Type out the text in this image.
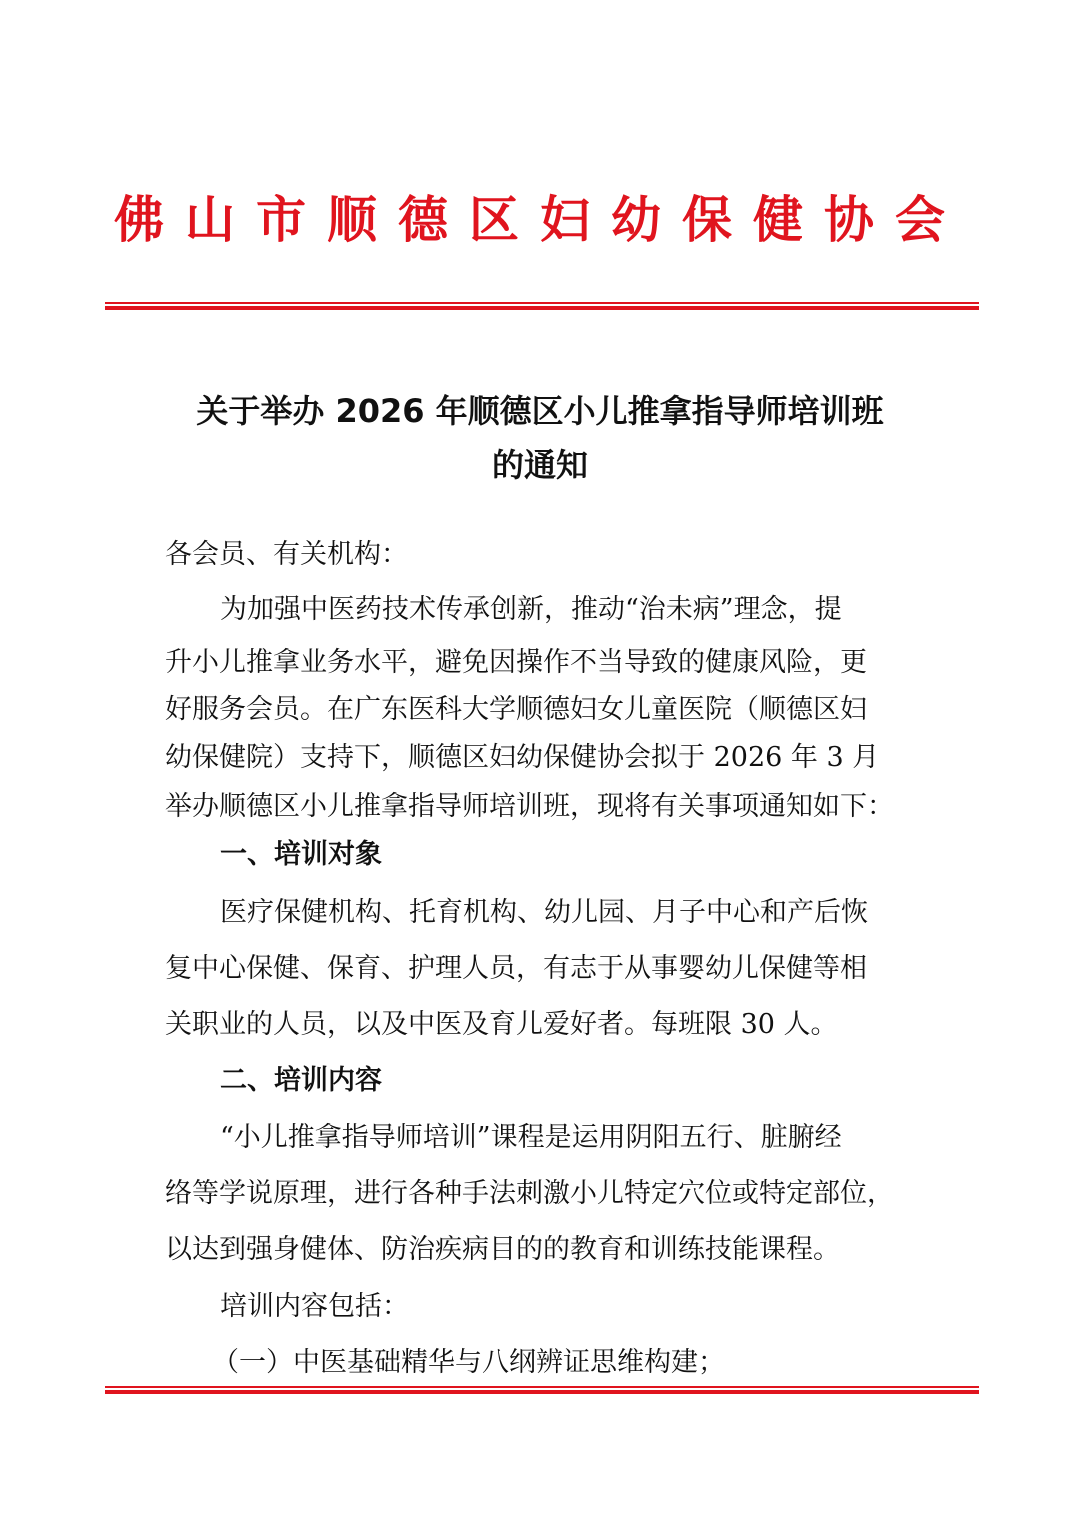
佛山市顺德区妇幼保健协会
关于举办 2026 年顺德区小儿推拿指导师培训班
的通知
各会员、有关机构：
为加强中医药技术传承创新，推动“治未病”理念，提
升小儿推拿业务水平，避免因操作不当导致的健康风险，更
好服务会员。在广东医科大学顺德妇女儿童医院（顺德区妇
幼保健院）支持下，顺德区妇幼保健协会拟于 2026 年 3 月
举办顺德区小儿推拿指导师培训班，现将有关事项通知如下：
一、培训对象
医疗保健机构、托育机构、幼儿园、月子中心和产后恢
复中心保健、保育、护理人员，有志于从事婴幼儿保健等相
关职业的人员，以及中医及育儿爱好者。每班限 30 人。
二、培训内容
“小儿推拿指导师培训”课程是运用阴阳五行、脏腑经
络等学说原理，进行各种手法刺激小儿特定穴位或特定部位，
以达到强身健体、防治疾病目的的教育和训练技能课程。
培训内容包括：
（一）中医基础精华与八纲辨证思维构建；
